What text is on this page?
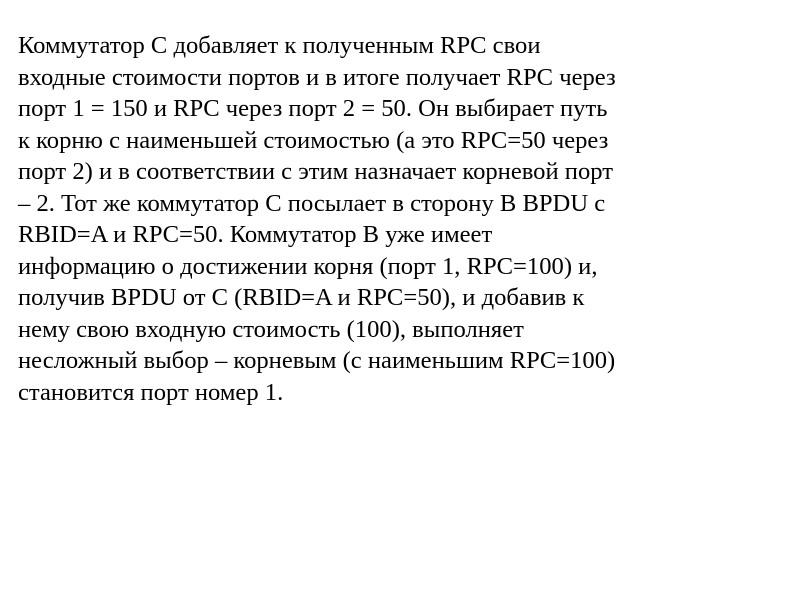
Коммутатор С добавляет к полученным RPC свои
входные стоимости портов и в итоге получает RPC через
порт 1 = 150 и RPC через порт 2 = 50. Он выбирает путь
к корню с наименьшей стоимостью (а это RPC=50 через
порт 2) и в соответствии с этим назначает корневой порт
– 2. Тот же коммутатор С посылает в сторону В BPDU с
RBID=A и RPC=50. Коммутатор В уже имеет
информацию о достижении корня (порт 1, RPC=100) и,
получив BPDU от С (RBID=A и RPC=50), и добавив к
нему свою входную стоимость (100), выполняет
несложный выбор – корневым (с наименьшим RPC=100)
становится порт номер 1.
